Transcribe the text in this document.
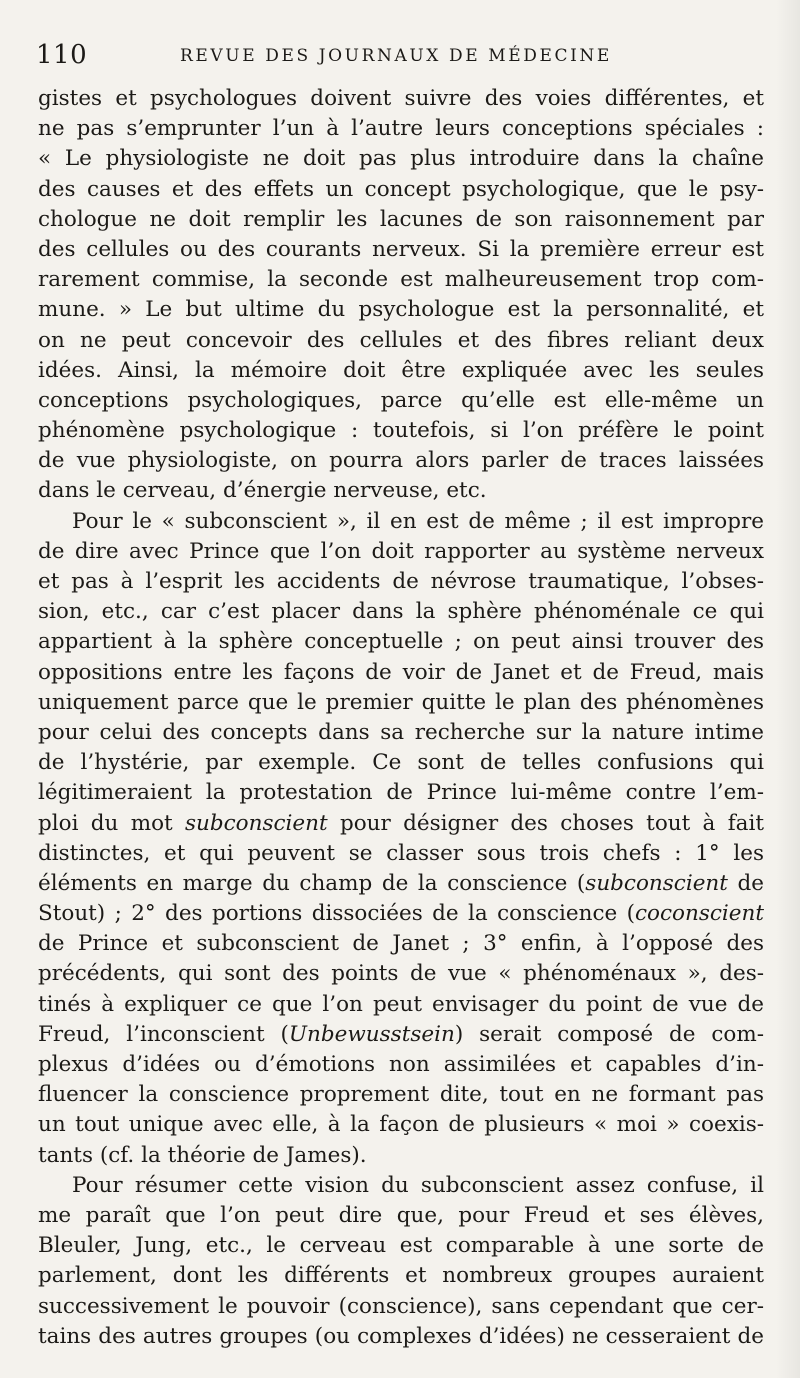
110	REVUE DES JOURNAUX DE MÉDECINE
gistes et psychologues doivent suivre des voies différentes, et
ne pas s’emprunter l’un à l’autre leurs conceptions spéciales :
« Le physiologiste ne doit pas plus introduire dans la chaîne
des causes et des effets un concept psychologique, que le psy-
chologue ne doit remplir les lacunes de son raisonnement par
des cellules ou des courants nerveux. Si la première erreur est
rarement commise, la seconde est malheureusement trop com-
mune. » Le but ultime du psychologue est la personnalité, et
on ne peut concevoir des cellules et des fibres reliant deux
idées. Ainsi, la mémoire doit être expliquée avec les seules
conceptions psychologiques, parce qu’elle est elle-même un
phénomène psychologique : toutefois, si l’on préfère le point
de vue physiologiste, on pourra alors parler de traces laissées
dans le cerveau, d’énergie nerveuse, etc.
Pour le « subconscient », il en est de même ; il est impropre
de dire avec Prince que l’on doit rapporter au système nerveux
et pas à l’esprit les accidents de névrose traumatique, l’obses-
sion, etc., car c’est placer dans la sphère phénoménale ce qui
appartient à la sphère conceptuelle ; on peut ainsi trouver des
oppositions entre les façons de voir de Janet et de Freud, mais
uniquement parce que le premier quitte le plan des phénomènes
pour celui des concepts dans sa recherche sur la nature intime
de l’hystérie, par exemple. Ce sont de telles confusions qui
légitimeraient la protestation de Prince lui-même contre l’em-
ploi du mot subconscient pour désigner des choses tout à fait
distinctes, et qui peuvent se classer sous trois chefs : 1° les
éléments en marge du champ de la conscience (subconscient de
Stout) ; 2° des portions dissociées de la conscience (coconscient
de Prince et subconscient de Janet ; 3° enfin, à l’opposé des
précédents, qui sont des points de vue « phénoménaux », des-
tinés à expliquer ce que l’on peut envisager du point de vue de
Freud, l’inconscient (Unbewusstsein) serait composé de com-
plexus d’idées ou d’émotions non assimilées et capables d’in-
fluencer la conscience proprement dite, tout en ne formant pas
un tout unique avec elle, à la façon de plusieurs « moi » coexis-
tants (cf. la théorie de James).
Pour résumer cette vision du subconscient assez confuse, il
me paraît que l’on peut dire que, pour Freud et ses élèves,
Bleuler, Jung, etc., le cerveau est comparable à une sorte de
parlement, dont les différents et nombreux groupes auraient
successivement le pouvoir (conscience), sans cependant que cer-
tains des autres groupes (ou complexes d’idées) ne cesseraient de
